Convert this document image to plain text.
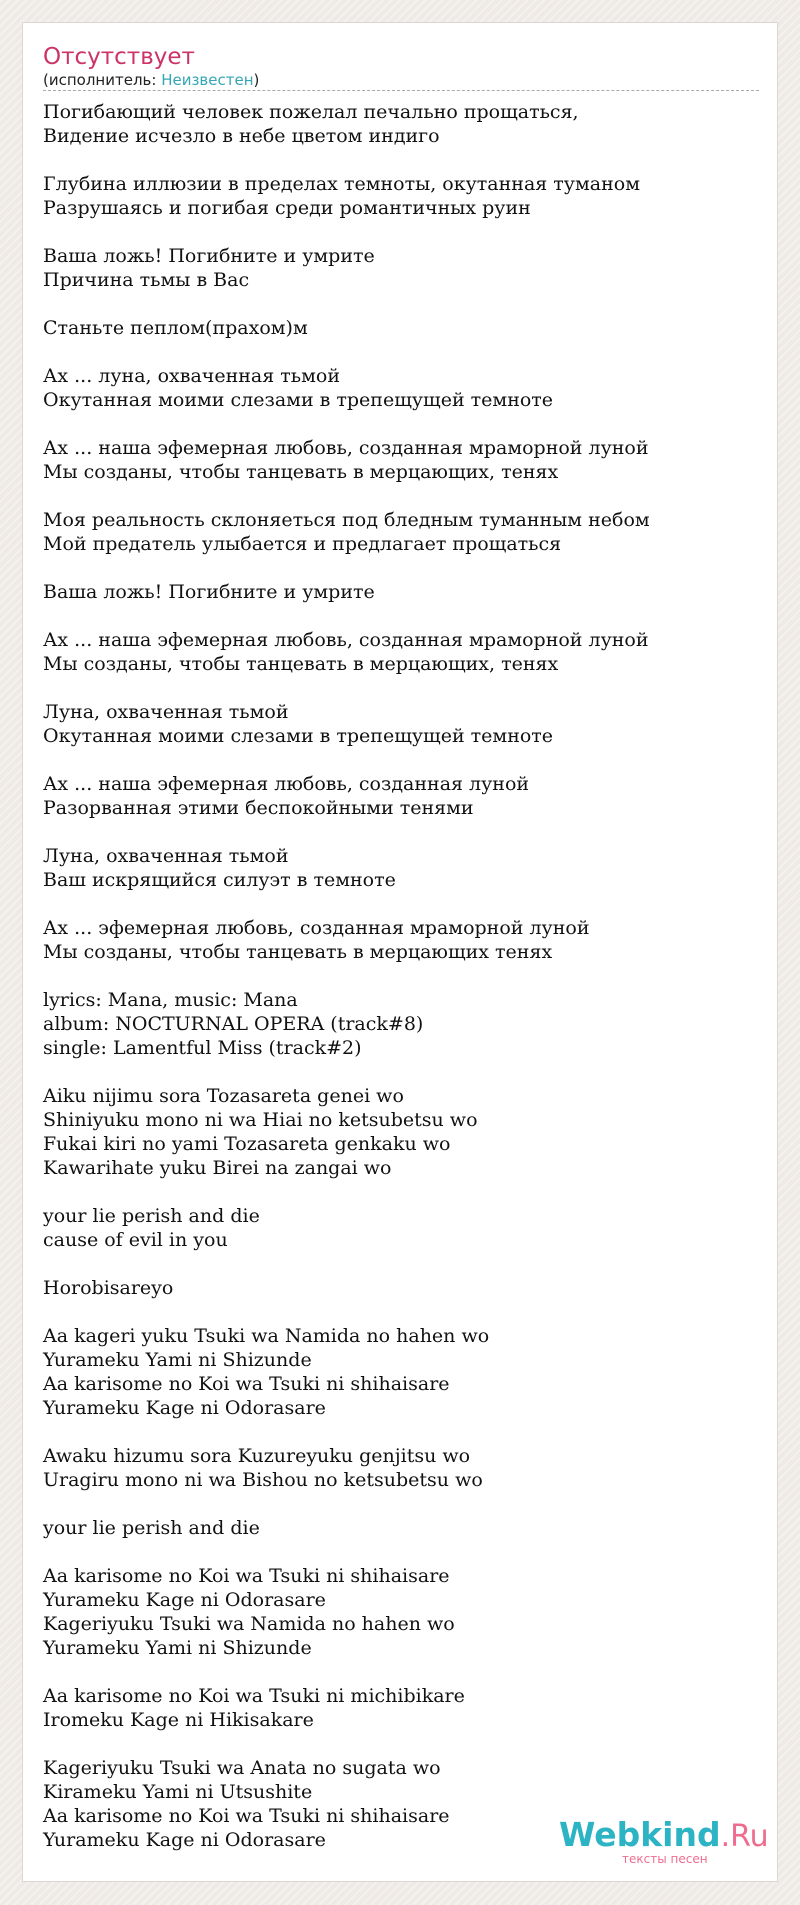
Отсутствует
(исполнитель: Неизвестен)
Погибающий человек пожелал печально прощаться,
Видение исчезло в небе цветом индиго
Глубина иллюзии в пределах темноты, окутанная туманом
Разрушаясь и погибая среди романтичных руин
Ваша ложь! Погибните и умрите
Причина тьмы в Вас
Станьте пеплом(прахом)м
Ах ... луна, охваченная тьмой
Окутанная моими слезами в трепещущей темноте
Ах ... наша эфемерная любовь, созданная мраморной луной
Мы созданы, чтобы танцевать в мерцающих, тенях
Моя реальность склоняеться под бледным туманным небом
Мой предатель улыбается и предлагает прощаться
Ваша ложь! Погибните и умрите
Ах ... наша эфемерная любовь, созданная мраморной луной
Мы созданы, чтобы танцевать в мерцающих, тенях
Луна, охваченная тьмой
Окутанная моими слезами в трепещущей темноте
Ах ... наша эфемерная любовь, созданная луной
Разорванная этими беспокойными тенями
Луна, охваченная тьмой
Ваш искрящийся силуэт в темноте
Ах ... эфемерная любовь, созданная мраморной луной
Мы созданы, чтобы танцевать в мерцающих тенях
lyrics: Mana, music: Mana
album: NOCTURNAL OPERA (track#8)
single: Lamentful Miss (track#2)
Aiku nijimu sora Tozasareta genei wo
Shiniyuku mono ni wa Hiai no ketsubetsu wo
Fukai kiri no yami Tozasareta genkaku wo
Kawarihate yuku Birei na zangai wo
your lie perish and die
cause of evil in you
Horobisareyo
Aa kageri yuku Tsuki wa Namida no hahen wo
Yurameku Yami ni Shizunde
Aa karisome no Koi wa Tsuki ni shihaisare
Yurameku Kage ni Odorasare
Awaku hizumu sora Kuzureyuku genjitsu wo
Uragiru mono ni wa Bishou no ketsubetsu wo
your lie perish and die
Aa karisome no Koi wa Tsuki ni shihaisare
Yurameku Kage ni Odorasare
Kageriyuku Tsuki wa Namida no hahen wo
Yurameku Yami ni Shizunde
Aa karisome no Koi wa Tsuki ni michibikare
Iromeku Kage ni Hikisakare
Kageriyuku Tsuki wa Anata no sugata wo
Kirameku Yami ni Utsushite
Aa karisome no Koi wa Tsuki ni shihaisare
Yurameku Kage ni Odorasare	Webkind.Ru
тексты песен
